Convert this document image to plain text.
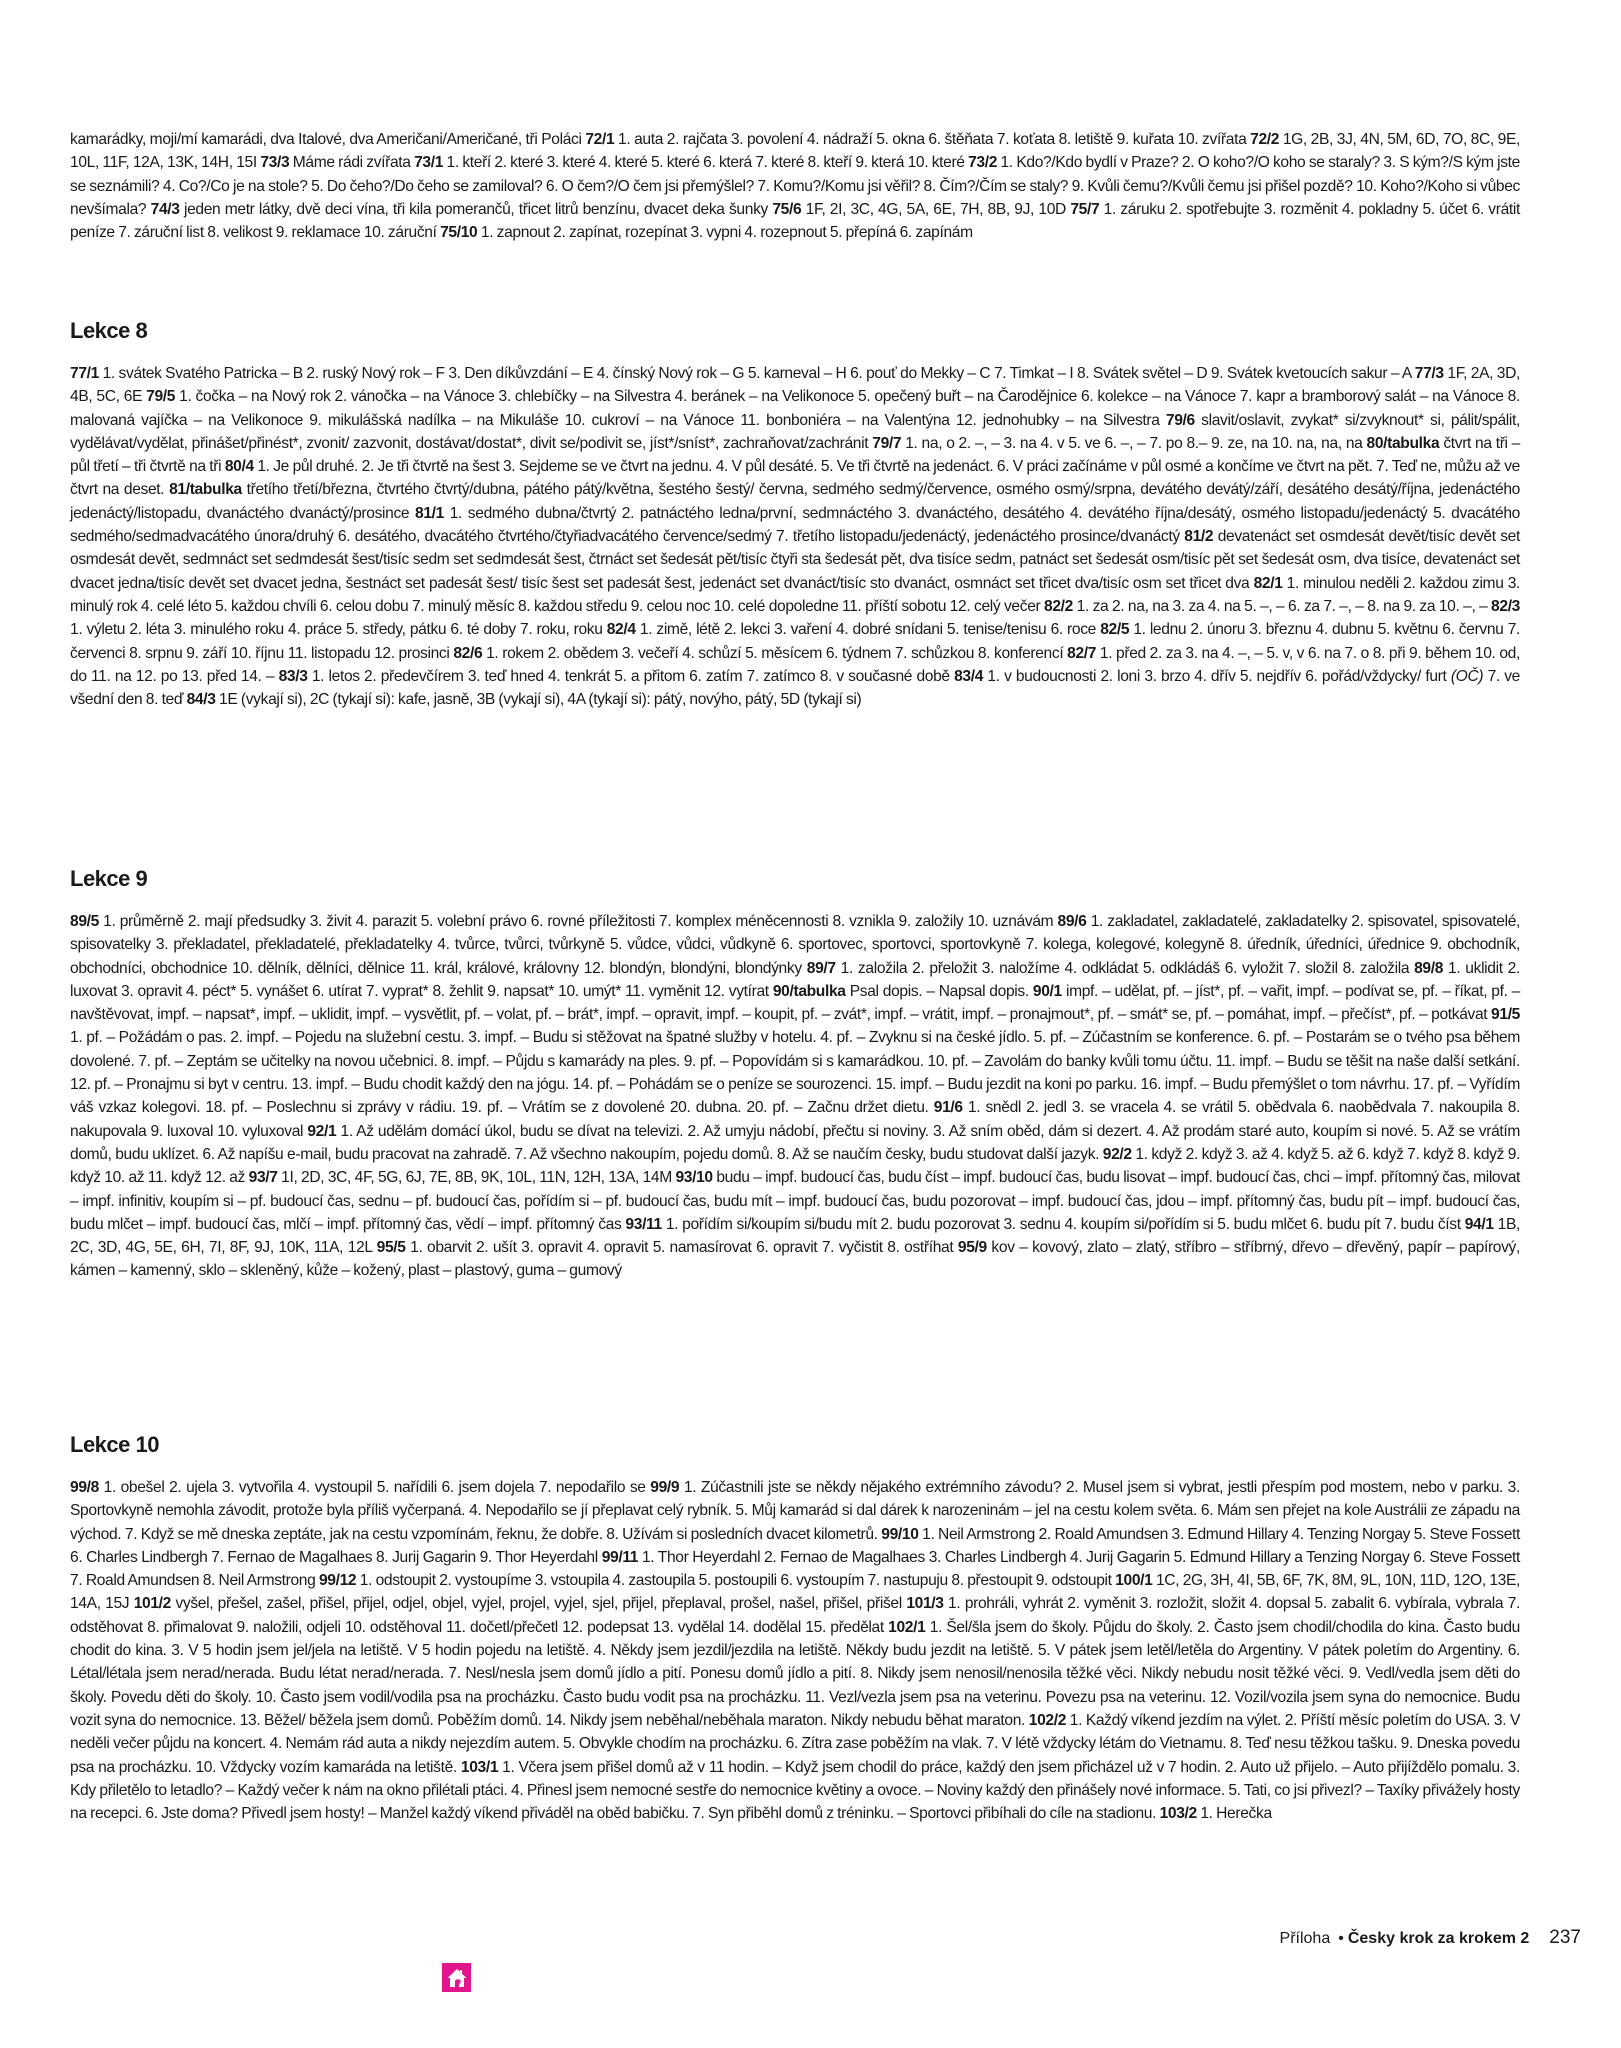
kamarádky, moji/mí kamarádi, dva Italové, dva Američani/Američané, tři Poláci 72/1 1. auta 2. rajčata 3. povolení 4. nádraží 5. okna 6. štěňata 7. koťata 8. letiště 9. kuřata 10. zvířata 72/2 1G, 2B, 3J, 4N, 5M, 6D, 7O, 8C, 9E, 10L, 11F, 12A, 13K, 14H, 15I 73/3 Máme rádi zvířata 73/1 1. kteří 2. které 3. které 4. které 5. které 6. která 7. které 8. kteří 9. která 10. které 73/2 1. Kdo?/Kdo bydlí v Praze? 2. O koho?/O koho se staraly? 3. S kým?/S kým jste se seznámili? 4. Co?/Co je na stole? 5. Do čeho?/Do čeho se zamiloval? 6. O čem?/O čem jsi přemýšlel? 7. Komu?/Komu jsi věřil? 8. Čím?/Čím se staly? 9. Kvůli čemu?/Kvůli čemu jsi přišel pozdě? 10. Koho?/Koho si vůbec nevšímala? 74/3 jeden metr látky, dvě deci vína, tři kila pomerančů, třicet litrů benzínu, dvacet deka šunky 75/6 1F, 2I, 3C, 4G, 5A, 6E, 7H, 8B, 9J, 10D 75/7 1. záruku 2. spotřebujte 3. rozměnit 4. pokladny 5. účet 6. vrátit peníze 7. záruční list 8. velikost 9. reklamace 10. záruční 75/10 1. zapnout 2. zapínat, rozepínat 3. vypni 4. rozepnout 5. přepíná 6. zapínám

Lekce 8

77/1 1. svátek Svatého Patricka – B 2. ruský Nový rok – F 3. Den díkůvzdání – E 4. čínský Nový rok – G 5. karneval – H 6. pouť do Mekky – C 7. Timkat – I 8. Svátek světel – D 9. Svátek kvetoucích sakur – A 77/3 1F, 2A, 3D, 4B, 5C, 6E 79/5 1. čočka – na Nový rok 2. vánočka – na Vánoce 3. chlebíčky – na Silvestra 4. beránek – na Velikonoce 5. opečený buřt – na Čarodějnice 6. kolekce – na Vánoce 7. kapr a bramborový salát – na Vánoce 8. malovaná vajíčka – na Velikonoce 9. mikulášská nadílka – na Mikuláše 10. cukroví – na Vánoce 11. bonboniéra – na Valentýna 12. jednohubky – na Silvestra 79/6 slavit/oslavit, zvykat* si/zvyknout* si, pálit/spálit, vydělávat/vydělat, přinášet/přinést*, zvonit/ zazvonit, dostávat/dostat*, divit se/podivit se, jíst*/sníst*, zachraňovat/zachránit 79/7 1. na, o 2. –, – 3. na 4. v 5. ve 6. –, – 7. po 8.– 9. ze, na 10. na, na, na 80/tabulka čtvrt na tři – půl třetí – tři čtvrtě na tři 80/4 1. Je půl druhé. 2. Je tři čtvrtě na šest 3. Sejdeme se ve čtvrt na jednu. 4. V půl desáté. 5. Ve tři čtvrtě na jedenáct. 6. V práci začínáme v půl osmé a končíme ve čtvrt na pět. 7. Teď ne, můžu až ve čtvrt na deset. 81/tabulka třetího třetí/března, čtvrtého čtvrtý/dubna, pátého pátý/května, šestého šestý/ června, sedmého sedmý/července, osmého osmý/srpna, devátého devátý/září, desátého desátý/října, jedenáctého jedenáctý/listopadu, dvanáctého dvanáctý/prosince 81/1 1. sedmého dubna/čtvrtý 2. patnáctého ledna/první, sedmnáctého 3. dvanáctého, desátého 4. devátého října/desátý, osmého listopadu/jedenáctý 5. dvacátého sedmého/sedmadvacátého února/druhý 6. desátého, dvacátého čtvrtého/čtyřiadvacátého července/sedmý 7. třetího listopadu/jedenáctý, jedenáctého prosince/dvanáctý 81/2 devatenáct set osmdesát devět/tisíc devět set osmdesát devět, sedmnáct set sedmdesát šest/tisíc sedm set sedmdesát šest, čtrnáct set šedesát pět/tisíc čtyři sta šedesát pět, dva tisíce sedm, patnáct set šedesát osm/tisíc pět set šedesát osm, dva tisíce, devatenáct set dvacet jedna/tisíc devět set dvacet jedna, šestnáct set padesát šest/ tisíc šest set padesát šest, jedenáct set dvanáct/tisíc sto dvanáct, osmnáct set třicet dva/tisíc osm set třicet dva 82/1 1. minulou neděli 2. každou zimu 3. minulý rok 4. celé léto 5. každou chvíli 6. celou dobu 7. minulý měsíc 8. každou středu 9. celou noc 10. celé dopoledne 11. příští sobotu 12. celý večer 82/2 1. za 2. na, na 3. za 4. na 5. –, – 6. za 7. –, – 8. na 9. za 10. –, – 82/3 1. výletu 2. léta 3. minulého roku 4. práce 5. středy, pátku 6. té doby 7. roku, roku 82/4 1. zimě, létě 2. lekci 3. vaření 4. dobré snídani 5. tenise/tenisu 6. roce 82/5 1. lednu 2. únoru 3. březnu 4. dubnu 5. květnu 6. červnu 7. červenci 8. srpnu 9. září 10. říjnu 11. listopadu 12. prosinci 82/6 1. rokem 2. obědem 3. večeří 4. schůzí 5. měsícem 6. týdnem 7. schůzkou 8. konferencí 82/7 1. před 2. za 3. na 4. –, – 5. v, v 6. na 7. o 8. při 9. během 10. od, do 11. na 12. po 13. před 14. – 83/3 1. letos 2. předevčírem 3. teď hned 4. tenkrát 5. a přitom 6. zatím 7. zatímco 8. v současné době 83/4 1. v budoucnosti 2. loni 3. brzo 4. dřív 5. nejdřív 6. pořád/vždycky/ furt (OČ) 7. ve všední den 8. teď 84/3 1E (vykají si), 2C (tykají si): kafe, jasně, 3B (vykají si), 4A (tykají si): pátý, novýho, pátý, 5D (tykají si)

Lekce 9

89/5 1. průměrně 2. mají předsudky 3. živit 4. parazit 5. volební právo 6. rovné příležitosti 7. komplex méněcennosti 8. vznikla 9. založily 10. uznávám 89/6 1. zakladatel, zakladatelé, zakladatelky 2. spisovatel, spisovatelé, spisovatelky 3. překladatel, překladatelé, překladatelky 4. tvůrce, tvůrci, tvůrkyně 5. vůdce, vůdci, vůdkyně 6. sportovec, sportovci, sportovkyně 7. kolega, kolegové, kolegyně 8. úředník, úředníci, úřednice 9. obchodník, obchodníci, obchodnice 10. dělník, dělníci, dělnice 11. král, králové, královny 12. blondýn, blondýni, blondýnky 89/7 1. založila 2. přeložit 3. naložíme 4. odkládat 5. odkládáš 6. vyložit 7. složil 8. založila 89/8 1. uklidit 2. luxovat 3. opravit 4. péct* 5. vynášet 6. utírat 7. vyprat* 8. žehlit 9. napsat* 10. umýt* 11. vyměnit 12. vytírat 90/tabulka Psal dopis. – Napsal dopis. 90/1 impf. – udělat, pf. – jíst*, pf. – vařit, impf. – podívat se, pf. – říkat, pf. – navštěvovat, impf. – napsat*, impf. – uklidit, impf. – vysvětlit, pf. – volat, pf. – brát*, impf. – opravit, impf. – koupit, pf. – zvát*, impf. – vrátit, impf. – pronajmout*, pf. – smát* se, pf. – pomáhat, impf. – přečíst*, pf. – potkávat 91/5 1. pf. – Požádám o pas. 2. impf. – Pojedu na služební cestu. 3. impf. – Budu si stěžovat na špatné služby v hotelu. 4. pf. – Zvyknu si na české jídlo. 5. pf. – Zúčastním se konference. 6. pf. – Postarám se o tvého psa během dovolené. 7. pf. – Zeptám se učitelky na novou učebnici. 8. impf. – Půjdu s kamarády na ples. 9. pf. – Popovídám si s kamarádkou. 10. pf. – Zavolám do banky kvůli tomu účtu. 11. impf. – Budu se těšit na naše další setkání. 12. pf. – Pronajmu si byt v centru. 13. impf. – Budu chodit každý den na jógu. 14. pf. – Pohádám se o peníze se sourozenci. 15. impf. – Budu jezdit na koni po parku. 16. impf. – Budu přemýšlet o tom návrhu. 17. pf. – Vyřídím váš vzkaz kolegovi. 18. pf. – Poslechnu si zprávy v rádiu. 19. pf. – Vrátím se z dovolené 20. dubna. 20. pf. – Začnu držet dietu. 91/6 1. snědl 2. jedl 3. se vracela 4. se vrátil 5. obědvala 6. naobědvala 7. nakoupila 8. nakupovala 9. luxoval 10. vyluxoval 92/1 1. Až udělám domácí úkol, budu se dívat na televizi. 2. Až umyju nádobí, přečtu si noviny. 3. Až sním oběd, dám si dezert. 4. Až prodám staré auto, koupím si nové. 5. Až se vrátím domů, budu uklízet. 6. Až napíšu e-mail, budu pracovat na zahradě. 7. Až všechno nakoupím, pojedu domů. 8. Až se naučím česky, budu studovat další jazyk. 92/2 1. když 2. když 3. až 4. když 5. až 6. když 7. když 8. když 9. když 10. až 11. když 12. až 93/7 1I, 2D, 3C, 4F, 5G, 6J, 7E, 8B, 9K, 10L, 11N, 12H, 13A, 14M 93/10 budu – impf. budoucí čas, budu číst – impf. budoucí čas, budu lisovat – impf. budoucí čas, chci – impf. přítomný čas, milovat – impf. infinitiv, koupím si – pf. budoucí čas, sednu – pf. budoucí čas, pořídím si – pf. budoucí čas, budu mít – impf. budoucí čas, budu pozorovat – impf. budoucí čas, jdou – impf. přítomný čas, budu pít – impf. budoucí čas, budu mlčet – impf. budoucí čas, mlčí – impf. přítomný čas, vědí – impf. přítomný čas 93/11 1. pořídím si/koupím si/budu mít 2. budu pozorovat 3. sednu 4. koupím si/pořídím si 5. budu mlčet 6. budu pít 7. budu číst 94/1 1B, 2C, 3D, 4G, 5E, 6H, 7I, 8F, 9J, 10K, 11A, 12L 95/5 1. obarvit 2. ušít 3. opravit 4. opravit 5. namasírovat 6. opravit 7. vyčistit 8. ostříhat 95/9 kov – kovový, zlato – zlatý, stříbro – stříbrný, dřevo – dřevěný, papír – papírový, kámen – kamenný, sklo – skleněný, kůže – kožený, plast – plastový, guma – gumový

Lekce 10

99/8 1. obešel 2. ujela 3. vytvořila 4. vystoupil 5. nařídili 6. jsem dojela 7. nepodařilo se 99/9 1. Zúčastnili jste se někdy nějakého extrémního závodu? 2. Musel jsem si vybrat, jestli přespím pod mostem, nebo v parku. 3. Sportovkyně nemohla závodit, protože byla příliš vyčerpaná. 4. Nepodařilo se jí přeplavat celý rybník. 5. Můj kamarád si dal dárek k narozeninám – jel na cestu kolem světa. 6. Mám sen přejet na kole Austrálii ze západu na východ. 7. Když se mě dneska zeptáte, jak na cestu vzpomínám, řeknu, že dobře. 8. Užívám si posledních dvacet kilometrů. 99/10 1. Neil Armstrong 2. Roald Amundsen 3. Edmund Hillary 4. Tenzing Norgay 5. Steve Fossett 6. Charles Lindbergh 7. Fernao de Magalhaes 8. Jurij Gagarin 9. Thor Heyerdahl 99/11 1. Thor Heyerdahl 2. Fernao de Magalhaes 3. Charles Lindbergh 4. Jurij Gagarin 5. Edmund Hillary a Tenzing Norgay 6. Steve Fossett 7. Roald Amundsen 8. Neil Armstrong 99/12 1. odstoupit 2. vystoupíme 3. vstoupila 4. zastoupila 5. postoupili 6. vystoupím 7. nastupuju 8. přestoupit 9. odstoupit 100/1 1C, 2G, 3H, 4I, 5B, 6F, 7K, 8M, 9L, 10N, 11D, 12O, 13E, 14A, 15J 101/2 vyšel, přešel, zašel, přišel, přijel, odjel, objel, vyjel, projel, vyjel, sjel, přijel, přeplaval, prošel, našel, přišel, přišel 101/3 1. prohráli, vyhrát 2. vyměnit 3. rozložit, složit 4. dopsal 5. zabalit 6. vybírala, vybrala 7. odstěhovat 8. přimalovat 9. naložili, odjeli 10. odstěhoval 11. dočetl/přečetl 12. podepsat 13. vydělal 14. dodělal 15. předělat 102/1 1. Šel/šla jsem do školy. Půjdu do školy. 2. Často jsem chodil/chodila do kina. Často budu chodit do kina. 3. V 5 hodin jsem jel/jela na letiště. V 5 hodin pojedu na letiště. 4. Někdy jsem jezdil/jezdila na letiště. Někdy budu jezdit na letiště. 5. V pátek jsem letěl/letěla do Argentiny. V pátek poletím do Argentiny. 6. Létal/létala jsem nerad/nerada. Budu létat nerad/nerada. 7. Nesl/nesla jsem domů jídlo a pití. Ponesu domů jídlo a pití. 8. Nikdy jsem nenosil/nenosila těžké věci. Nikdy nebudu nosit těžké věci. 9. Vedl/vedla jsem děti do školy. Povedu děti do školy. 10. Často jsem vodil/vodila psa na procházku. Často budu vodit psa na procházku. 11. Vezl/vezla jsem psa na veterinu. Povezu psa na veterinu. 12. Vozil/vozila jsem syna do nemocnice. Budu vozit syna do nemocnice. 13. Běžel/ běžela jsem domů. Poběžím domů. 14. Nikdy jsem neběhal/neběhala maraton. Nikdy nebudu běhat maraton. 102/2 1. Každý víkend jezdím na výlet. 2. Příští měsíc poletím do USA. 3. V neděli večer půjdu na koncert. 4. Nemám rád auta a nikdy nejezdím autem. 5. Obvykle chodím na procházku. 6. Zítra zase poběžím na vlak. 7. V létě vždycky létám do Vietnamu. 8. Teď nesu těžkou tašku. 9. Dneska povedu psa na procházku. 10. Vždycky vozím kamaráda na letiště. 103/1 1. Včera jsem přišel domů až v 11 hodin. – Když jsem chodil do práce, každý den jsem přicházel už v 7 hodin. 2. Auto už přijelo. – Auto přijíždělo pomalu. 3. Kdy přiletělo to letadlo? – Každý večer k nám na okno přilétali ptáci. 4. Přinesl jsem nemocné sestře do nemocnice květiny a ovoce. – Noviny každý den přinášely nové informace. 5. Tati, co jsi přivezl? – Taxíky přivážely hosty na recepci. 6. Jste doma? Přivedl jsem hosty! – Manžel každý víkend přiváděl na oběd babičku. 7. Syn přiběhl domů z tréninku. – Sportovci přibíhali do cíle na stadionu. 103/2 1. Herečka

Příloha • Česky krok za krokem 2 237
